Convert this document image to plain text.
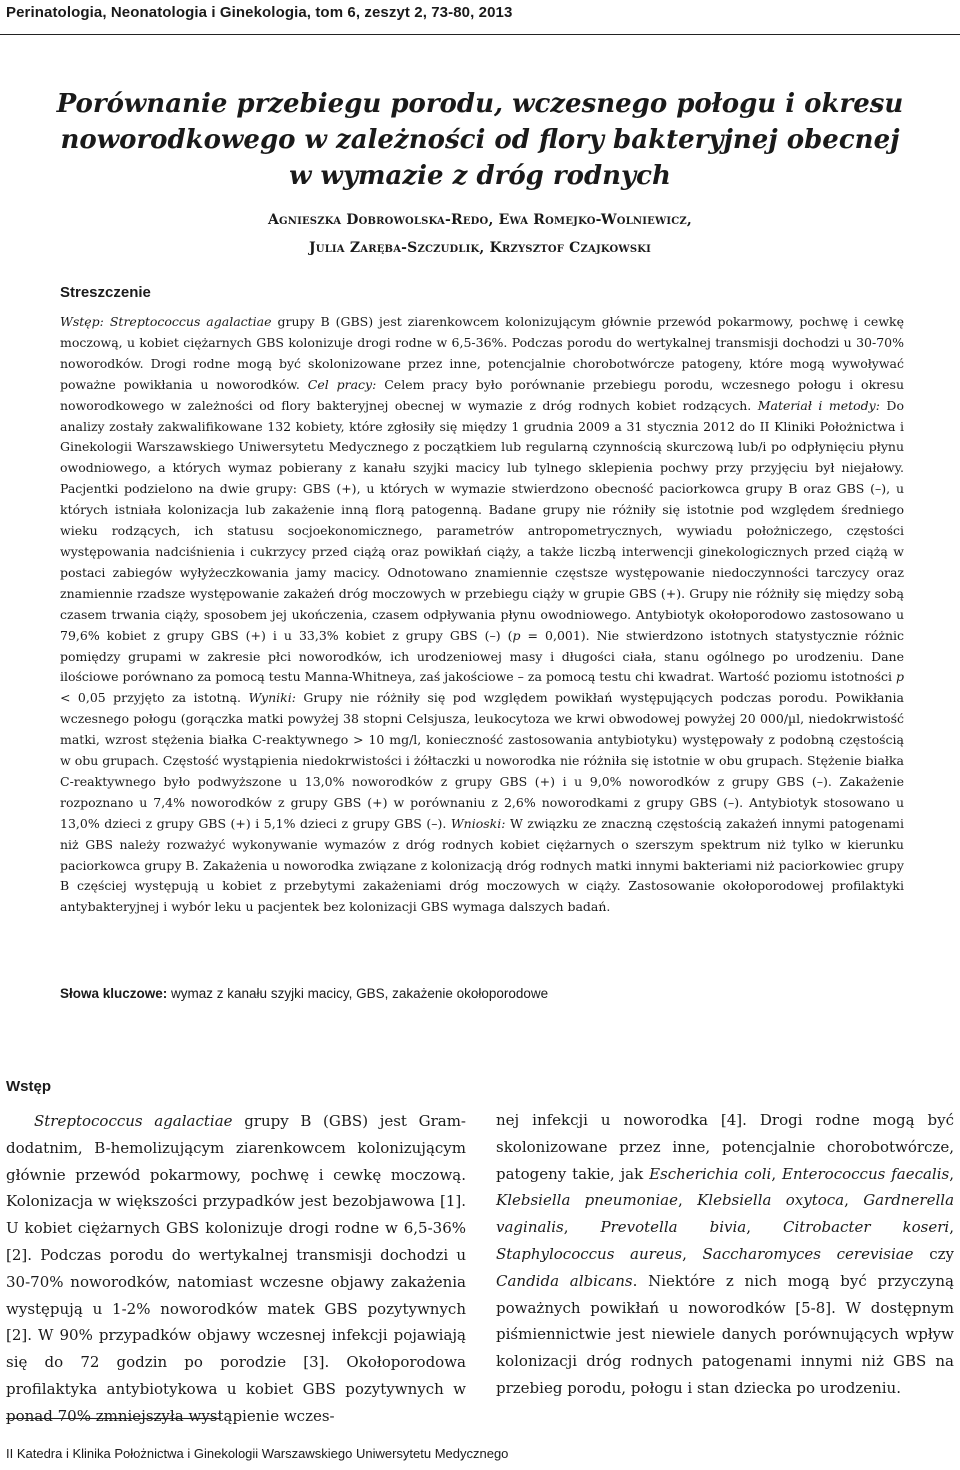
Perinatologia, Neonatologia i Ginekologia, tom 6, zeszyt 2, 73-80, 2013
Porównanie przebiegu porodu, wczesnego połogu i okresu
noworodkowego w zależności od flory bakteryjnej obecnej
w wymazie z dróg rodnych
Agnieszka Dobrowolska-Redo, Ewa Romejko-Wolniewicz,
Julia Zaręba-Szczudlik, Krzysztof Czajkowski
Streszczenie

Wstęp: Streptococcus agalactiae grupy B (GBS) jest ziarenkowcem kolonizującym głównie przewód pokarmowy, pochwę i cewkę moczową, u kobiet ciężarnych GBS kolonizuje drogi rodne w 6,5-36%. Podczas porodu do wertykalnej transmisji dochodzi u 30-70% noworodków. Drogi rodne mogą być skolonizowane przez inne, potencjalnie chorobotwórcze patogeny, które mogą wywoływać poważne powikłania u noworodków. Cel pracy: Celem pracy było porównanie przebiegu porodu, wczesnego połogu i okresu noworodkowego w zależności od flory bakteryjnej obecnej w wymazie z dróg rodnych kobiet rodzących. Materiał i metody: Do analizy zostały zakwalifikowane 132 kobiety, które zgłosiły się między 1 grudnia 2009 a 31 stycznia 2012 do II Kliniki Położnictwa i Ginekologii Warszawskiego Uniwersytetu Medycznego z początkiem lub regularną czynnością skurczową lub/i po odpłynięciu płynu owodniowego, a których wymaz pobierany z kanału szyjki macicy lub tylnego sklepienia pochwy przy przyjęciu był niejałowy. Pacjentki podzielono na dwie grupy: GBS (+), u których w wymazie stwierdzono obecność paciorkowca grupy B oraz GBS (–), u których istniała kolonizacja lub zakażenie inną florą patogenną. Badane grupy nie różniły się istotnie pod względem średniego wieku rodzących, ich statusu socjoekonomicznego, parametrów antropometrycznych, wywiadu położniczego, częstości występowania nadciśnienia i cukrzycy przed ciążą oraz powikłań ciąży, a także liczbą interwencji ginekologicznych przed ciążą w postaci zabiegów wyłyżeczkowania jamy macicy. Odnotowano znamiennie częstsze występowanie niedoczynności tarczycy oraz znamiennie rzadsze występowanie zakażeń dróg moczowych w przebiegu ciąży w grupie GBS (+). Grupy nie różniły się między sobą czasem trwania ciąży, sposobem jej ukończenia, czasem odpływania płynu owodniowego. Antybiotyk okołoporodowo zastosowano u 79,6% kobiet z grupy GBS (+) i u 33,3% kobiet z grupy GBS (–) (p = 0,001). Nie stwierdzono istotnych statystycznie różnic pomiędzy grupami w zakresie płci noworodków, ich urodzeniowej masy i długości ciała, stanu ogólnego po urodzeniu. Dane ilościowe porównano za pomocą testu Manna-Whitneya, zaś jakościowe – za pomocą testu chi kwadrat. Wartość poziomu istotności p < 0,05 przyjęto za istotną. Wyniki: Grupy nie różniły się pod względem powikłań występujących podczas porodu. Powikłania wczesnego połogu (gorączka matki powyżej 38 stopni Celsjusza, leukocytoza we krwi obwodowej powyżej 20 000/µl, niedokrwistość matki, wzrost stężenia białka C-reaktywnego > 10 mg/l, konieczność zastosowania antybiotyku) występowały z podobną częstością w obu grupach. Częstość wystąpienia niedokrwistości i żółtaczki u noworodka nie różniła się istotnie w obu grupach. Stężenie białka C-reaktywnego było podwyższone u 13,0% noworodków z grupy GBS (+) i u 9,0% noworodków z grupy GBS (–). Zakażenie rozpoznano u 7,4% noworodków z grupy GBS (+) w porównaniu z 2,6% noworodkami z grupy GBS (–). Antybiotyk stosowano u 13,0% dzieci z grupy GBS (+) i 5,1% dzieci z grupy GBS (–). Wnioski: W związku ze znaczną częstością zakażeń innymi patogenami niż GBS należy rozważyć wykonywanie wymazów z dróg rodnych kobiet ciężarnych o szerszym spektrum niż tylko w kierunku paciorkowca grupy B. Zakażenia u noworodka związane z kolonizacją dróg rodnych matki innymi bakteriami niż paciorkowiec grupy B częściej występują u kobiet z przebytymi zakażeniami dróg moczowych w ciąży. Zastosowanie okołoporodowej profilaktyki antybakteryjnej i wybór leku u pacjentek bez kolonizacji GBS wymaga dalszych badań.

Słowa kluczowe: wymaz z kanału szyjki macicy, GBS, zakażenie okołoporodowe
Wstęp

Streptococcus agalactiae grupy B (GBS) jest Gram-dodatnim, B-hemolizującym ziarenkowcem kolonizującym głównie przewód pokarmowy, pochwę i cewkę moczową. Kolonizacja w większości przypadków jest bezobjawowa [1]. U kobiet ciężarnych GBS kolonizuje drogi rodne w 6,5-36% [2]. Podczas porodu do wertykalnej transmisji dochodzi u 30-70% noworodków, natomiast wczesne objawy zakażenia występują u 1-2% noworodków matek GBS pozytywnych [2]. W 90% przypadków objawy wczesnej infekcji pojawiają się do 72 godzin po porodzie [3]. Okołoporodowa profilaktyka antybiotykowa u kobiet GBS pozytywnych w ponad 70% zmniejszyła wystąpienie wczes-

nej infekcji u noworodka [4]. Drogi rodne mogą być skolonizowane przez inne, potencjalnie chorobotwórcze, patogeny takie, jak Escherichia coli, Enterococcus faecalis, Klebsiella pneumoniae, Klebsiella oxytoca, Gardnerella vaginalis, Prevotella bivia, Citrobacter koseri, Staphylococcus aureus, Saccharomyces cerevisiae czy Candida albicans. Niektóre z nich mogą być przyczyną poważnych powikłań u noworodków [5-8]. W dostępnym piśmiennictwie jest niewiele danych porównujących wpływ kolonizacji dróg rodnych patogenami innymi niż GBS na przebieg porodu, połogu i stan dziecka po urodzeniu.

II Katedra i Klinika Położnictwa i Ginekologii Warszawskiego Uniwersytetu Medycznego
